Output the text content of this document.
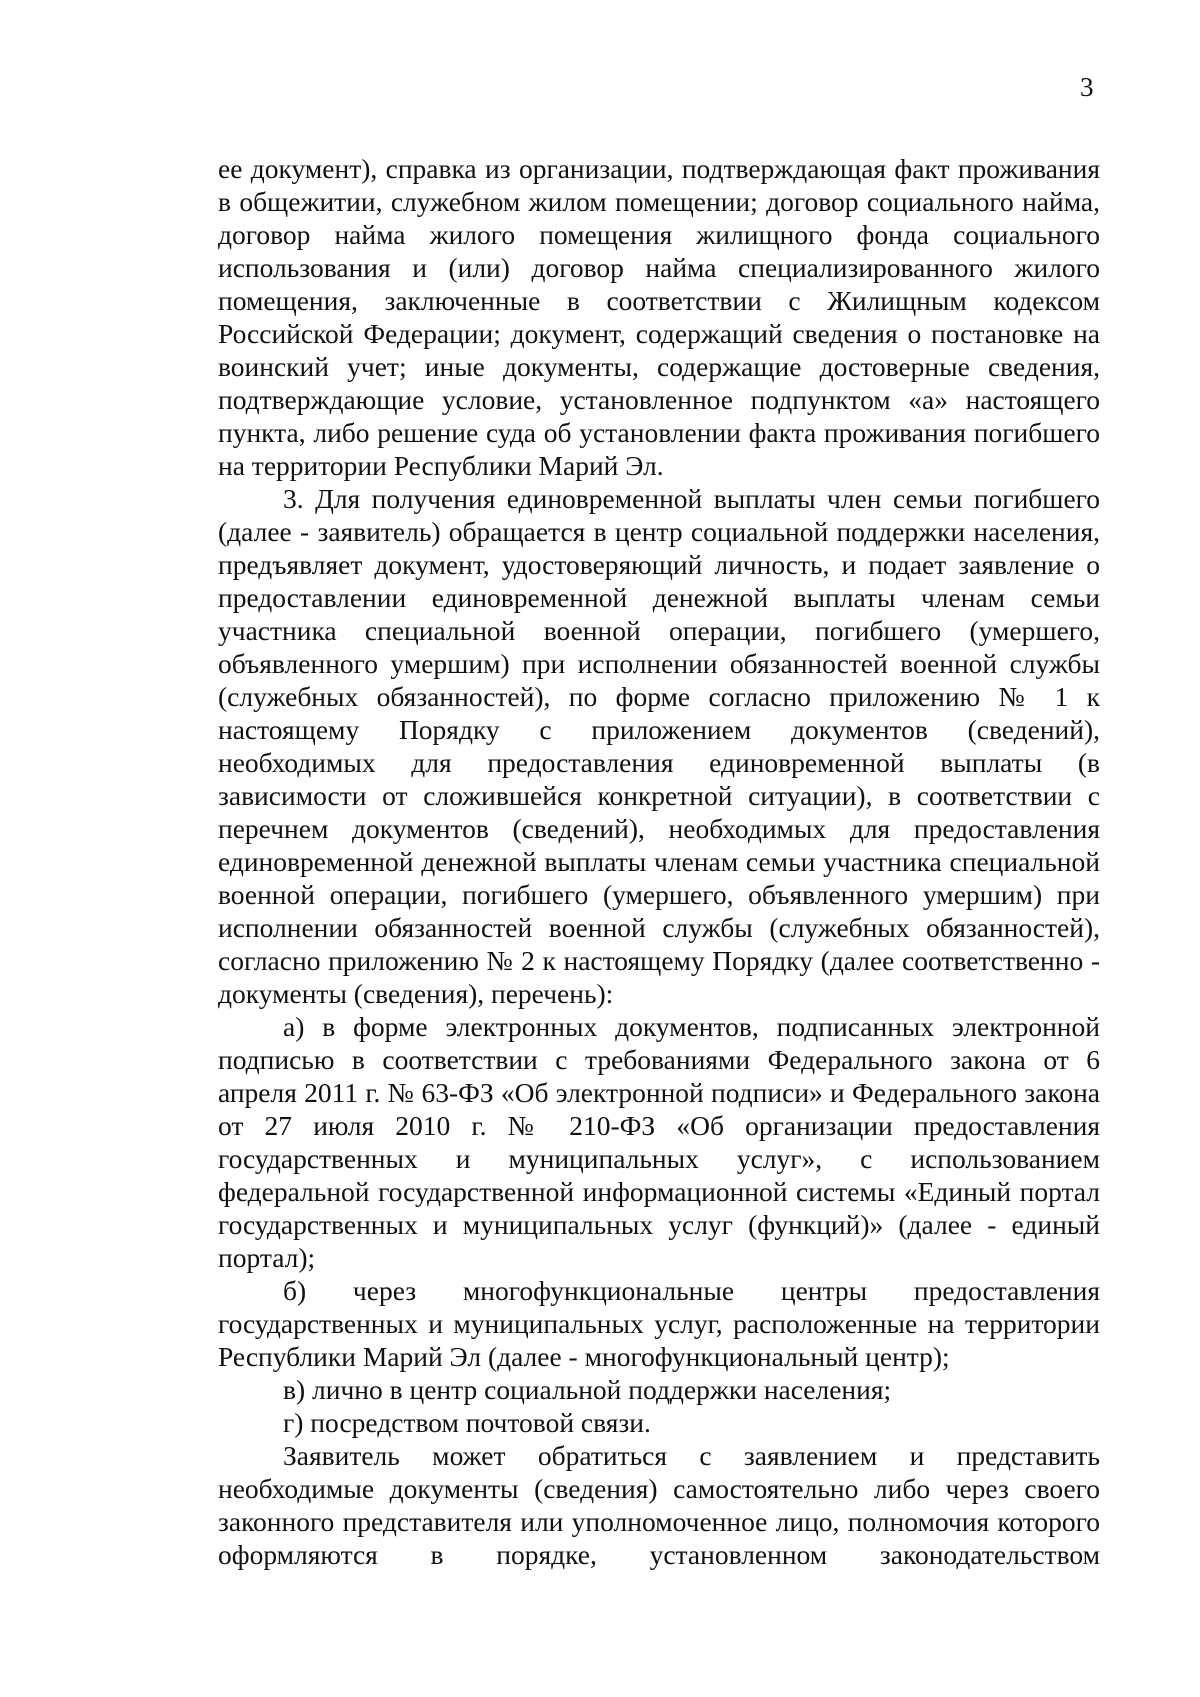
3

ее документ), справка из организации, подтверждающая факт проживания в общежитии, служебном жилом помещении; договор социального найма, договор найма жилого помещения жилищного фонда социального использования и (или) договор найма специализированного жилого помещения, заключенные в соответствии с Жилищным кодексом Российской Федерации; документ, содержащий сведения о постановке на воинский учет; иные документы, содержащие достоверные сведения, подтверждающие условие, установленное подпунктом «а» настоящего пункта, либо решение суда об установлении факта проживания погибшего на территории Республики Марий Эл.

3. Для получения единовременной выплаты член семьи погибшего (далее - заявитель) обращается в центр социальной поддержки населения, предъявляет документ, удостоверяющий личность, и подает заявление о предоставлении единовременной денежной выплаты членам семьи участника специальной военной операции, погибшего (умершего, объявленного умершим) при исполнении обязанностей военной службы (служебных обязанностей), по форме согласно приложению № 1 к настоящему Порядку с приложением документов (сведений), необходимых для предоставления единовременной выплаты (в зависимости от сложившейся конкретной ситуации), в соответствии с перечнем документов (сведений), необходимых для предоставления единовременной денежной выплаты членам семьи участника специальной военной операции, погибшего (умершего, объявленного умершим) при исполнении обязанностей военной службы (служебных обязанностей), согласно приложению № 2 к настоящему Порядку (далее соответственно - документы (сведения), перечень):

а) в форме электронных документов, подписанных электронной подписью в соответствии с требованиями Федерального закона от 6 апреля 2011 г. № 63-ФЗ «Об электронной подписи» и Федерального закона от 27 июля 2010 г. № 210-ФЗ «Об организации предоставления государственных и муниципальных услуг», с использованием федеральной государственной информационной системы «Единый портал государственных и муниципальных услуг (функций)» (далее - единый портал);

б) через многофункциональные центры предоставления государственных и муниципальных услуг, расположенные на территории Республики Марий Эл (далее - многофункциональный центр);

в) лично в центр социальной поддержки населения;

г) посредством почтовой связи.

Заявитель может обратиться с заявлением и представить необходимые документы (сведения) самостоятельно либо через своего законного представителя или уполномоченное лицо, полномочия которого оформляются в порядке, установленном законодательством
